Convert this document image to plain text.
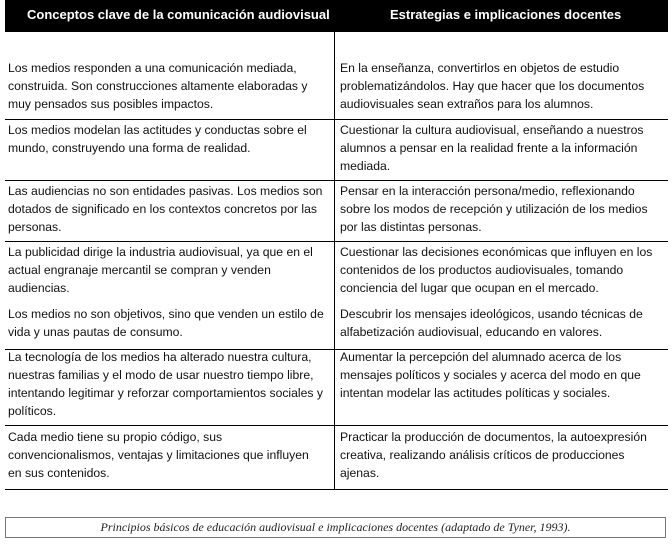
Conceptos clave de la comunicación audiovisual	Estrategias e implicaciones docentes
Los medios responden a una comunicación mediada,
construida. Son construcciones altamente elaboradas y
muy pensados sus posibles impactos.
En la enseñanza, convertirlos en objetos de estudio
problematizándolos. Hay que hacer que los documentos
audiovisuales sean extraños para los alumnos.
Los medios modelan las actitudes y conductas sobre el
mundo, construyendo una forma de realidad.
Cuestionar la cultura audiovisual, enseñando a nuestros
alumnos a pensar en la realidad frente a la información
mediada.
Las audiencias no son entidades pasivas. Los medios son
dotados de significado en los contextos concretos por las
personas.
Pensar en la interacción persona/medio, reflexionando
sobre los modos de recepción y utilización de los medios
por las distintas personas.
La publicidad dirige la industria audiovisual, ya que en el
actual engranaje mercantil se compran y venden
audiencias.
Cuestionar las decisiones económicas que influyen en los
contenidos de los productos audiovisuales, tomando
conciencia del lugar que ocupan en el mercado.
Los medios no son objetivos, sino que venden un estilo de
vida y unas pautas de consumo.
Descubrir los mensajes ideológicos, usando técnicas de
alfabetización audiovisual, educando en valores.
La tecnología de los medios ha alterado nuestra cultura,
nuestras familias y el modo de usar nuestro tiempo libre,
intentando legitimar y reforzar comportamientos sociales y
políticos.
Aumentar la percepción del alumnado acerca de los
mensajes políticos y sociales y acerca del modo en que
intentan modelar las actitudes políticas y sociales.
Cada medio tiene su propio código, sus
convencionalismos, ventajas y limitaciones que influyen
en sus contenidos.
Practicar la producción de documentos, la autoexpresión
creativa, realizando análisis críticos de producciones
ajenas.
Principios básicos de educación audiovisual e implicaciones docentes (adaptado de Tyner, 1993).
